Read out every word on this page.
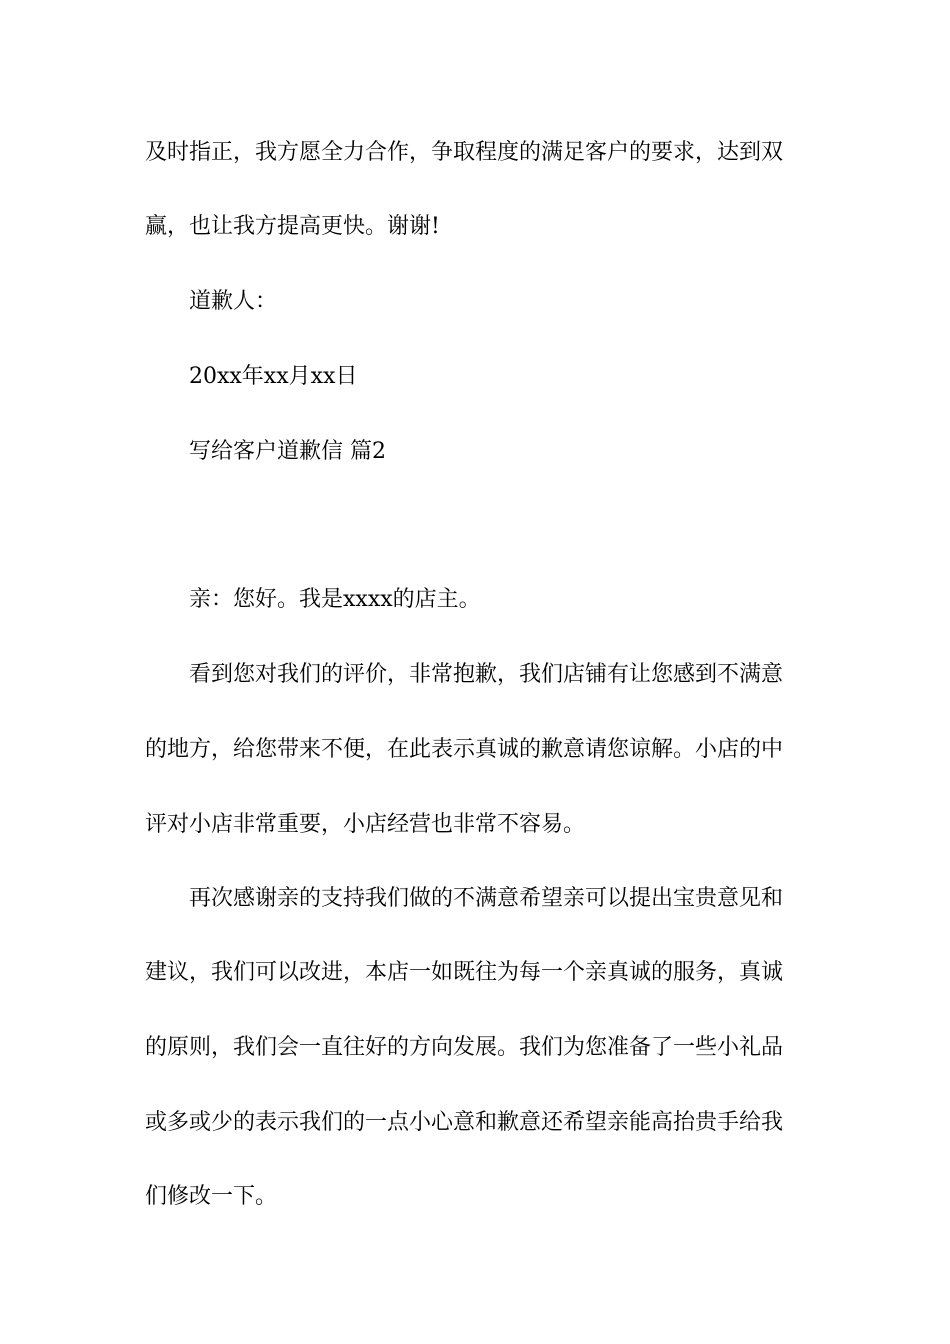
及时指正，我方愿全力合作，争取程度的满足客户的要求，达到双
赢，也让我方提高更快。谢谢!
道歉人：
20xx年xx月xx日
写给客户道歉信 篇2
亲：您好。我是xxxx的店主。
看到您对我们的评价，非常抱歉，我们店铺有让您感到不满意
的地方，给您带来不便，在此表示真诚的歉意请您谅解。小店的中
评对小店非常重要，小店经营也非常不容易。
再次感谢亲的支持我们做的不满意希望亲可以提出宝贵意见和
建议，我们可以改进，本店一如既往为每一个亲真诚的服务，真诚
的原则，我们会一直往好的方向发展。我们为您准备了一些小礼品
或多或少的表示我们的一点小心意和歉意还希望亲能高抬贵手给我
们修改一下。
